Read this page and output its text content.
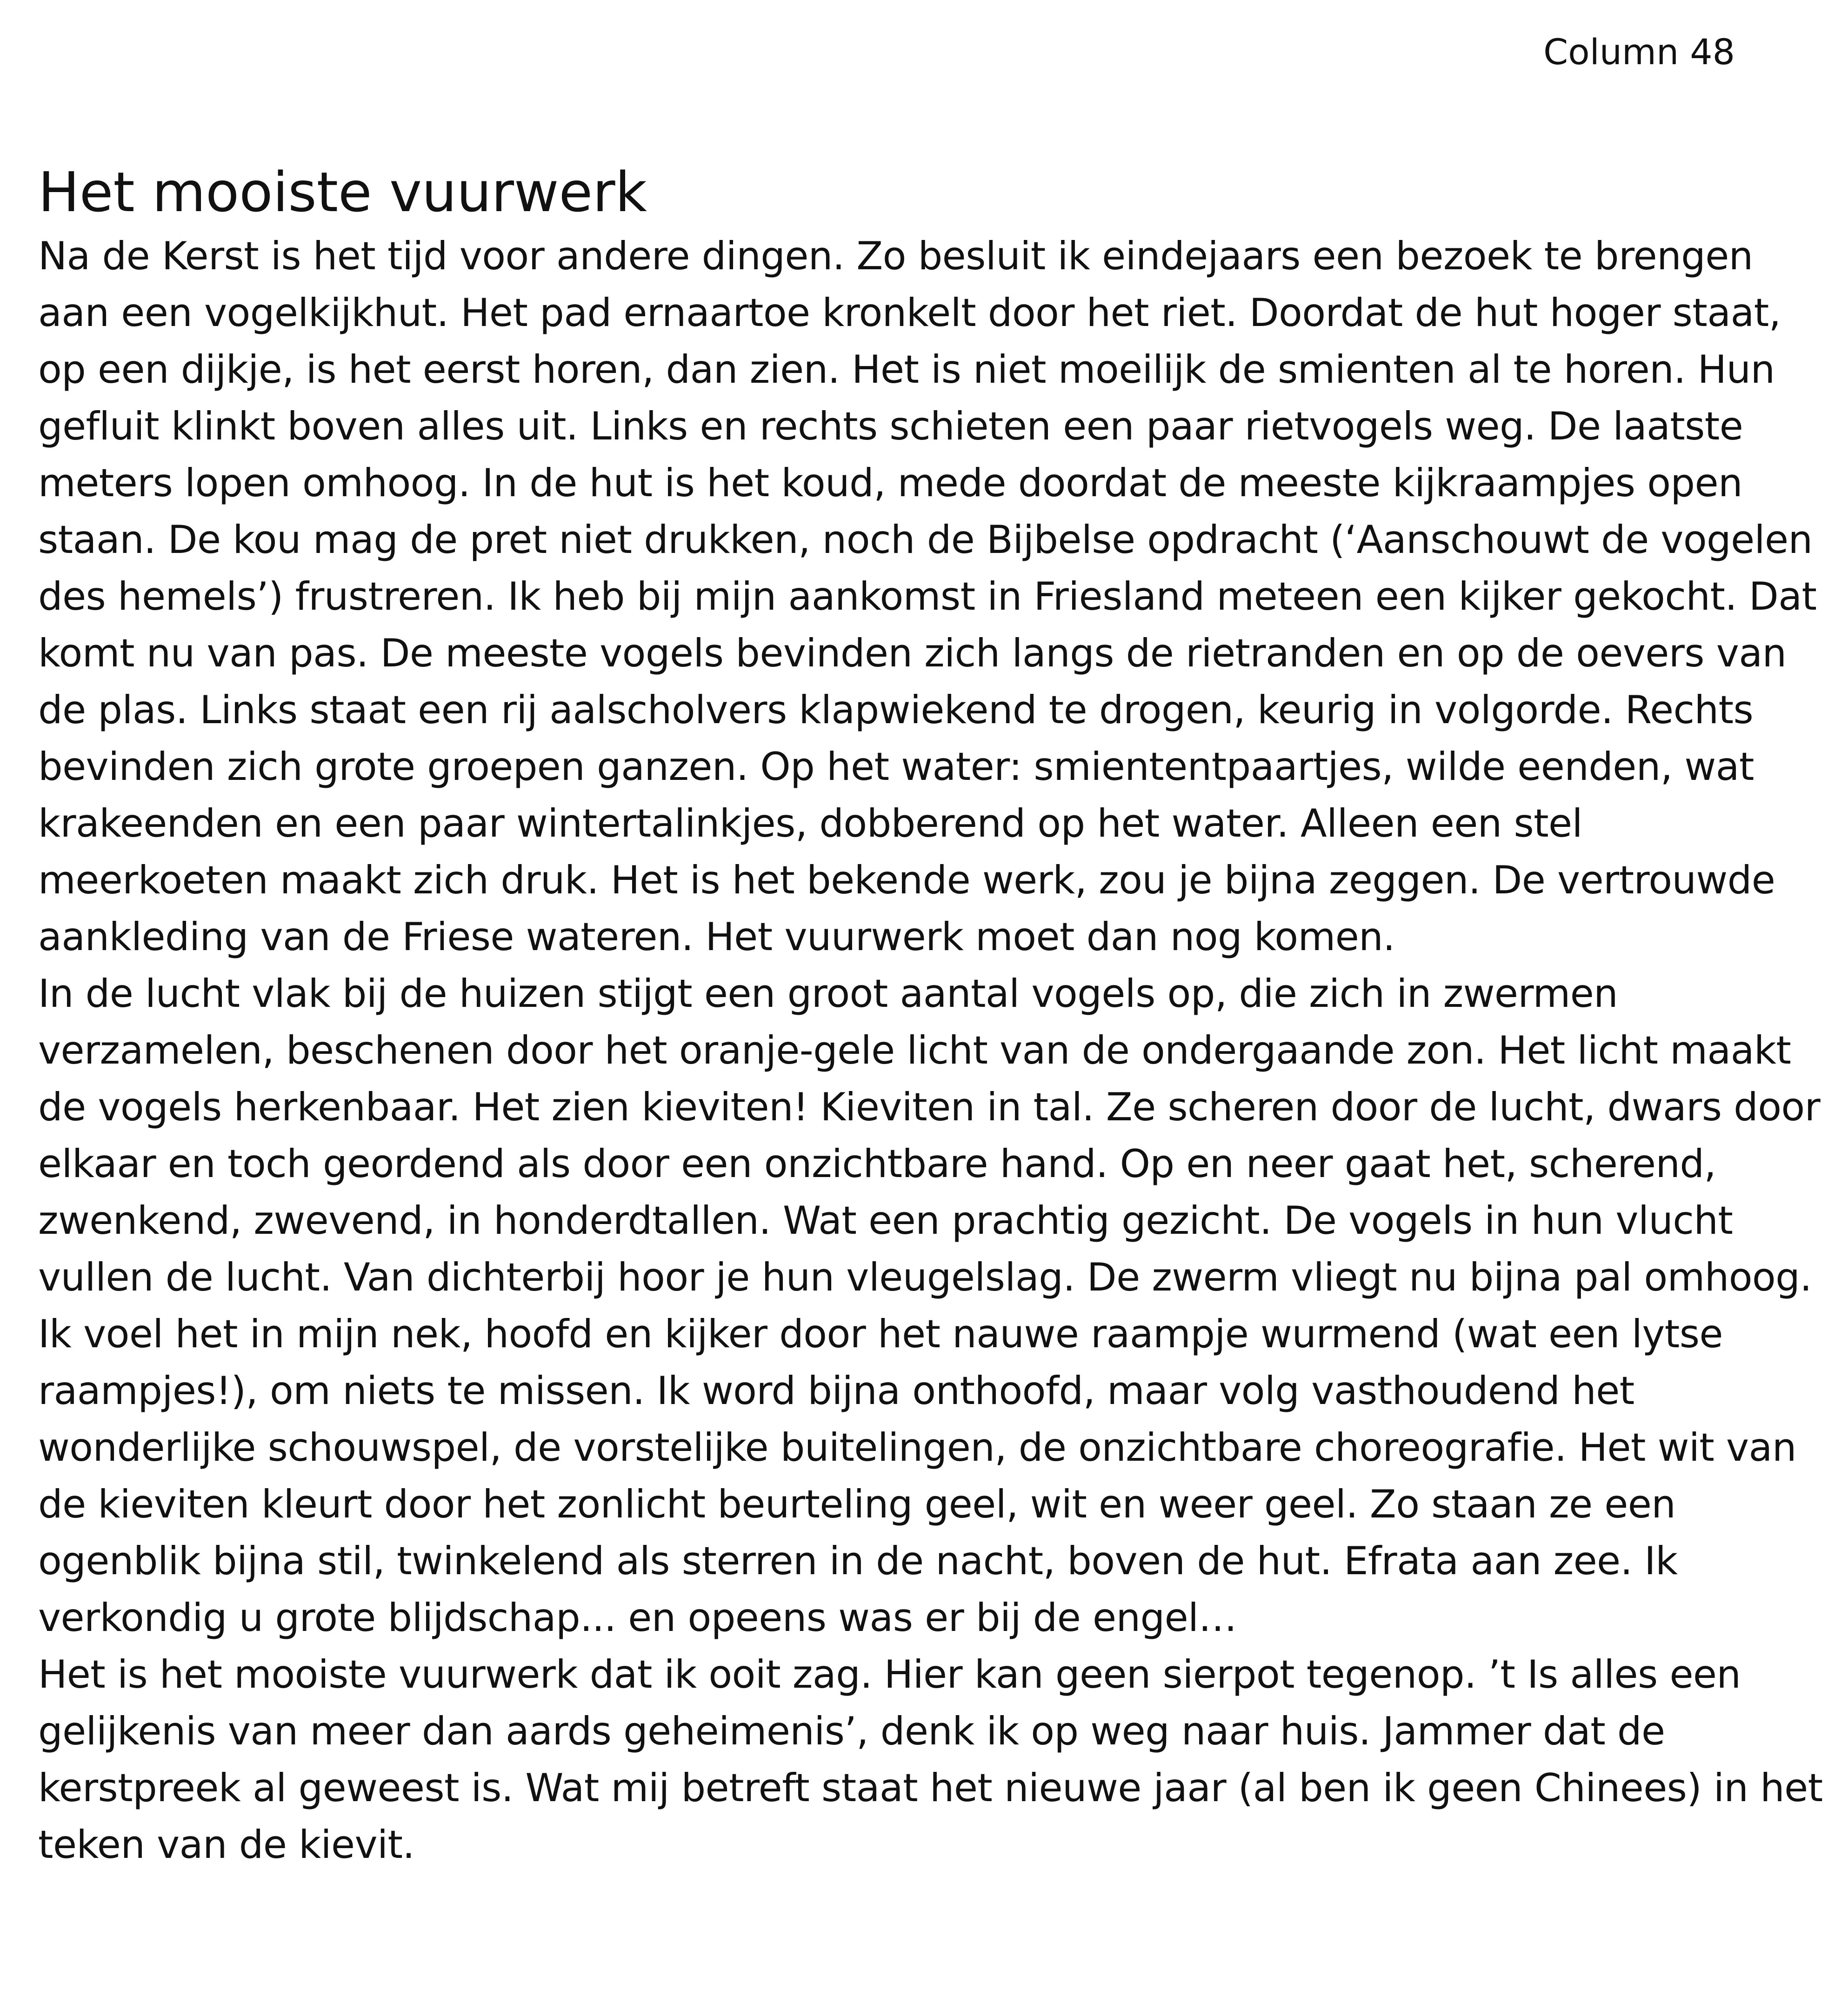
Column 48
Het mooiste vuurwerk
Na de Kerst is het tijd voor andere dingen. Zo besluit ik eindejaars een bezoek te brengen
aan een vogelkijkhut. Het pad ernaartoe kronkelt door het riet. Doordat de hut hoger staat,
op een dijkje, is het eerst horen, dan zien. Het is niet moeilijk de smienten al te horen. Hun
gefluit klinkt boven alles uit. Links en rechts schieten een paar rietvogels weg. De laatste
meters lopen omhoog. In de hut is het koud, mede doordat de meeste kijkraampjes open
staan. De kou mag de pret niet drukken, noch de Bijbelse opdracht (‘Aanschouwt de vogelen
des hemels’) frustreren. Ik heb bij mijn aankomst in Friesland meteen een kijker gekocht. Dat
komt nu van pas. De meeste vogels bevinden zich langs de rietranden en op de oevers van
de plas. Links staat een rij aalscholvers klapwiekend te drogen, keurig in volgorde. Rechts
bevinden zich grote groepen ganzen. Op het water: smiententpaartjes, wilde eenden, wat
krakeenden en een paar wintertalinkjes, dobberend op het water. Alleen een stel
meerkoeten maakt zich druk. Het is het bekende werk, zou je bijna zeggen. De vertrouwde
aankleding van de Friese wateren. Het vuurwerk moet dan nog komen.
In de lucht vlak bij de huizen stijgt een groot aantal vogels op, die zich in zwermen
verzamelen, beschenen door het oranje-gele licht van de ondergaande zon. Het licht maakt
de vogels herkenbaar. Het zien kieviten! Kieviten in tal. Ze scheren door de lucht, dwars door
elkaar en toch geordend als door een onzichtbare hand. Op en neer gaat het, scherend,
zwenkend, zwevend, in honderdtallen. Wat een prachtig gezicht. De vogels in hun vlucht
vullen de lucht. Van dichterbij hoor je hun vleugelslag. De zwerm vliegt nu bijna pal omhoog.
Ik voel het in mijn nek, hoofd en kijker door het nauwe raampje wurmend (wat een lytse
raampjes!), om niets te missen. Ik word bijna onthoofd, maar volg vasthoudend het
wonderlijke schouwspel, de vorstelijke buitelingen, de onzichtbare choreografie. Het wit van
de kieviten kleurt door het zonlicht beurteling geel, wit en weer geel. Zo staan ze een
ogenblik bijna stil, twinkelend als sterren in de nacht, boven de hut. Efrata aan zee. Ik
verkondig u grote blijdschap... en opeens was er bij de engel…
Het is het mooiste vuurwerk dat ik ooit zag. Hier kan geen sierpot tegenop. ’t Is alles een
gelijkenis van meer dan aards geheimenis’, denk ik op weg naar huis. Jammer dat de
kerstpreek al geweest is. Wat mij betreft staat het nieuwe jaar (al ben ik geen Chinees) in het
teken van de kievit.
